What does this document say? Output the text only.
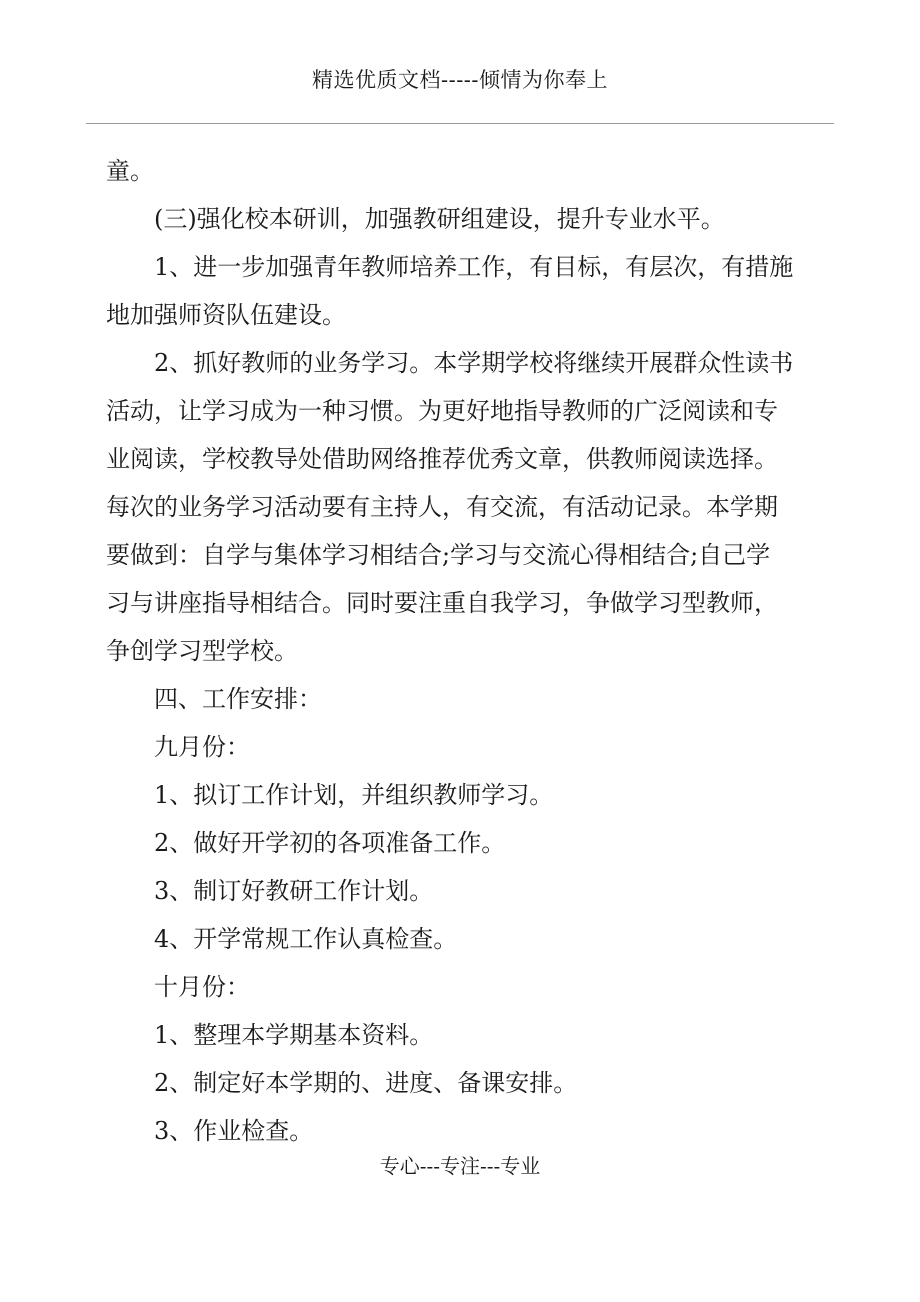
精选优质文档-----倾情为你奉上

童。

(三)强化校本研训，加强教研组建设，提升专业水平。

1、进一步加强青年教师培养工作，有目标，有层次，有措施

地加强师资队伍建设。

2、抓好教师的业务学习。本学期学校将继续开展群众性读书

活动，让学习成为一种习惯。为更好地指导教师的广泛阅读和专

业阅读，学校教导处借助网络推荐优秀文章，供教师阅读选择。

每次的业务学习活动要有主持人，有交流，有活动记录。本学期

要做到：自学与集体学习相结合;学习与交流心得相结合;自己学

习与讲座指导相结合。同时要注重自我学习，争做学习型教师，

争创学习型学校。

四、工作安排：

九月份：

1、拟订工作计划，并组织教师学习。

2、做好开学初的各项准备工作。

3、制订好教研工作计划。

4、开学常规工作认真检查。

十月份：

1、整理本学期基本资料。

2、制定好本学期的、进度、备课安排。

3、作业检查。

专心---专注---专业
